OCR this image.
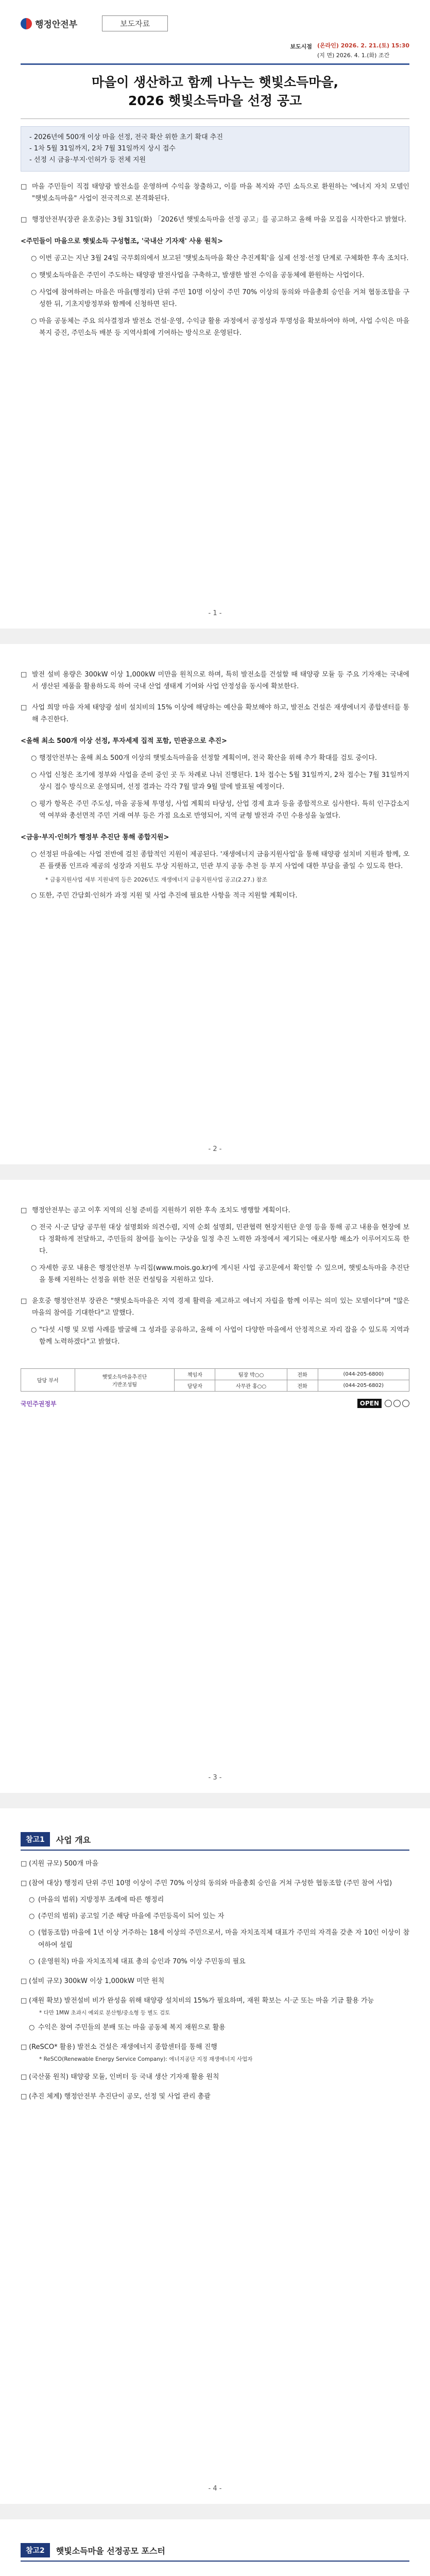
행정안전부	보도자료
보도시점 (온라인) 2026. 2. 21.(토) 15:30
(지 면) 2026. 4. 1.(화) 조간
마을이 생산하고 함께 나누는 햇빛소득마을,
2026 햇빛소득마을 선정 공고
- 2026년에 500개 이상 마을 선정, 전국 확산 위한 초기 확대 추진
- 1차 5월 31일까지, 2차 7월 31일까지 상시 접수
- 선정 시 금융·부지·인허가 등 전체 지원
□ 마을 주민들이 직접 태양광 발전소를 운영하며 수익을 창출하고, 이를 마을 복지와 주민 소득으로 환원하는 '에너지 자치 모델인 "햇빛소득마을" 사업이 전국적으로 본격화된다.
□ 행정안전부(장관 윤호중)는 3월 31일(화) 「2026년 햇빛소득마을 선정 공고」를 공고하고 올해 마을 모집을 시작한다고 밝혔다.
<주민들이 마을으로 햇빛소득 구성협조, '국내산 기자재' 사용 원칙>
○ 이번 공고는 지난 3월 24일 국무회의에서 보고된 '햇빛소득마을 확산 추진계획'을 실제 선정·선정 단계로 구체화한 후속 조치다.
○ 햇빛소득마을은 주민이 주도하는 태양광 발전사업을 구축하고, 발생한 발전 수익을 공동체에 환원하는 사업이다.
○ 사업에 참여하려는 마을은 마을(행정리) 단위 주민 10명 이상이 주민 70% 이상의 동의와 마을총회 승인을 거쳐 협동조합을 구성한 뒤, 기초지방정부와 함께에 신청하면 된다.
○ 마을 공동체는 주요 의사결정과 발전소 건설·운영, 수익금 활용 과정에서 공정성과 투명성을 확보하여야 하며, 사업 수익은 마을복지 증진, 주민소득 배분 등 지역사회에 기여하는 방식으로 운영된다.
- 1 -
□ 발전 설비 용량은 300kW 이상 1,000kW 미만을 원칙으로 하며, 특히 발전소를 건설할 때 태양광 모듈 등 주요 기자재는 국내에서 생산된 제품을 활용하도록 하여 국내 산업 생태계 기여와 사업 안정성을 동시에 확보한다.
□ 사업 희망 마을 자체 태양광 설비 설치비의 15% 이상에 해당하는 예산을 확보해야 하고, 발전소 건설은 재생에너지 종합센터를 통해 추진한다.
<올해 최소 500개 이상 선정, 투자세제 집적 포함, 민관공으로 추진>
○ 행정안전부는 올해 최소 500개 이상의 햇빛소득마을을 선정할 계획이며, 전국 확산을 위해 추가 확대를 검토 중이다.
○ 사업 신청은 조기에 정부와 사업을 준비 중인 곳 두 차례로 나뉘 진행된다. 1차 접수는 5월 31일까지, 2차 접수는 7월 31일까지 상시 접수 방식으로 운영되며, 선정 결과는 각각 7월 말과 9월 말에 발표될 예정이다.
○ 평가 항목은 주민 주도성, 마을 공동체 투명성, 사업 계획의 타당성, 산업 경제 효과 등을 종합적으로 심사한다. 특히 인구감소지역 여부와 총선면적 주민 거래 여부 등은 가점 요소로 반영되어, 지역 균형 발전과 주민 수용성을 높였다.
<금융·부지·인허가 행정부 추진단 통해 종합지원>
○ 선정된 마을에는 사업 전반에 걸친 종합적인 지원이 제공된다. '재생에너지 금융지원사업'을 통해 태양광 설치비 지원과 함께, 오픈 플랫폼 인프라 제공의 성장과 지원도 무상 지원하고, 민관 부지 공동 추천 등 부지 사업에 대한 부담을 줄일 수 있도록 한다.
* 금융지원사업 세부 지원내역 등은 2026년도 재생에너지 금융지원사업 공고(2.27.) 참조
○ 또한, 주민 간담회·인허가 과정 지원 및 사업 추진에 필요한 사항을 적극 지원할 계획이다.
- 2 -
□ 행정안전부는 공고 이후 지역의 신청 준비를 지원하기 위한 후속 조치도 병행할 계획이다.
○ 전국 시·군 담당 공무원 대상 설명회와 의견수렴, 지역 순회 설명회, 민관협력 현장지원단 운영 등을 통해 공고 내용을 현장에 보다 정확하게 전달하고, 주민들의 참여를 높이는 구상을 일정 추진 노력한 과정에서 제기되는 애로사항 해소가 이루어지도록 한다.
○ 자세한 공모 내용은 행정안전부 누리집(www.mois.go.kr)에 게시된 사업 공고문에서 확인할 수 있으며, 햇빛소득마을 추진단을 통해 지원하는 선정을 위한 전문 컨설팅을 지원하고 있다.
□ 윤호중 행정안전부 장관은 "햇빛소득마을은 지역 경제 활력을 제고하고 에너지 자립을 함께 이루는 의미 있는 모델이다"며 "많은 마을의 참여를 기대한다"고 말했다.
○ "다섯 시행 및 모범 사례를 발굴해 그 성과를 공유하고, 올해 이 사업이 다양한 마을에서 안정적으로 자리 잡을 수 있도록 지역과 함께 노력하겠다"고 밝혔다.
담당 부서	햇빛소득마을추진단
기반조성팀	책임자	팀장 박○○	전화	(044-205-6800)
		담당자	사무관 홍○○	전화	(044-205-6802)
국민주권정부	OPEN
- 3 -
참고1	사업 개요
□ (지원 규모) 500개 마을
□ (참여 대상) 행정리 단위 주민 10명 이상이 주민 70% 이상의 동의와 마을총회 승인을 거쳐 구성한 협동조합 (주민 참여 사업)
○ (마을의 범위) 지방정부 조례에 따른 행정리
○ (주민의 범위) 공고일 기준 해당 마을에 주민등록이 되어 있는 자
○ (협동조합) 마을에 1년 이상 거주하는 18세 이상의 주민으로서, 마을 자치조직체 대표가 주민의 자격을 갖춘 자 10인 이상이 참여하여 설립
○ (운영원칙) 마을 자치조직체 대표 총의 승인과 70% 이상 주민동의 필요
□ (설비 규모) 300kW 이상 1,000kW 미만 원칙
□ (재원 확보) 발전설비 비가 완성을 위해 태양광 설치비의 15%가 필요하며, 재원 확보는 시·군 또는 마을 기금 활용 가능
* 다만 1MW 초과시 예외로 분산형/중소형 등 별도 검토
○ 수익은 참여 주민들의 분배 또는 마을 공동체 복지 재원으로 활용
□ (ReSCO* 활용) 발전소 건설은 재생에너지 종합센터를 통해 진행
* ReSCO(Renewable Energy Service Company): 에너지공단 지정 재생에너지 사업자
□ (국산품 원칙) 태양광 모듈, 인버터 등 국내 생산 기자재 활용 원칙
□ (추진 체계) 행정안전부 추진단이 공모, 선정 및 사업 관리 총괄
- 4 -
참고2	햇빛소득마을 선정공모 포스터
